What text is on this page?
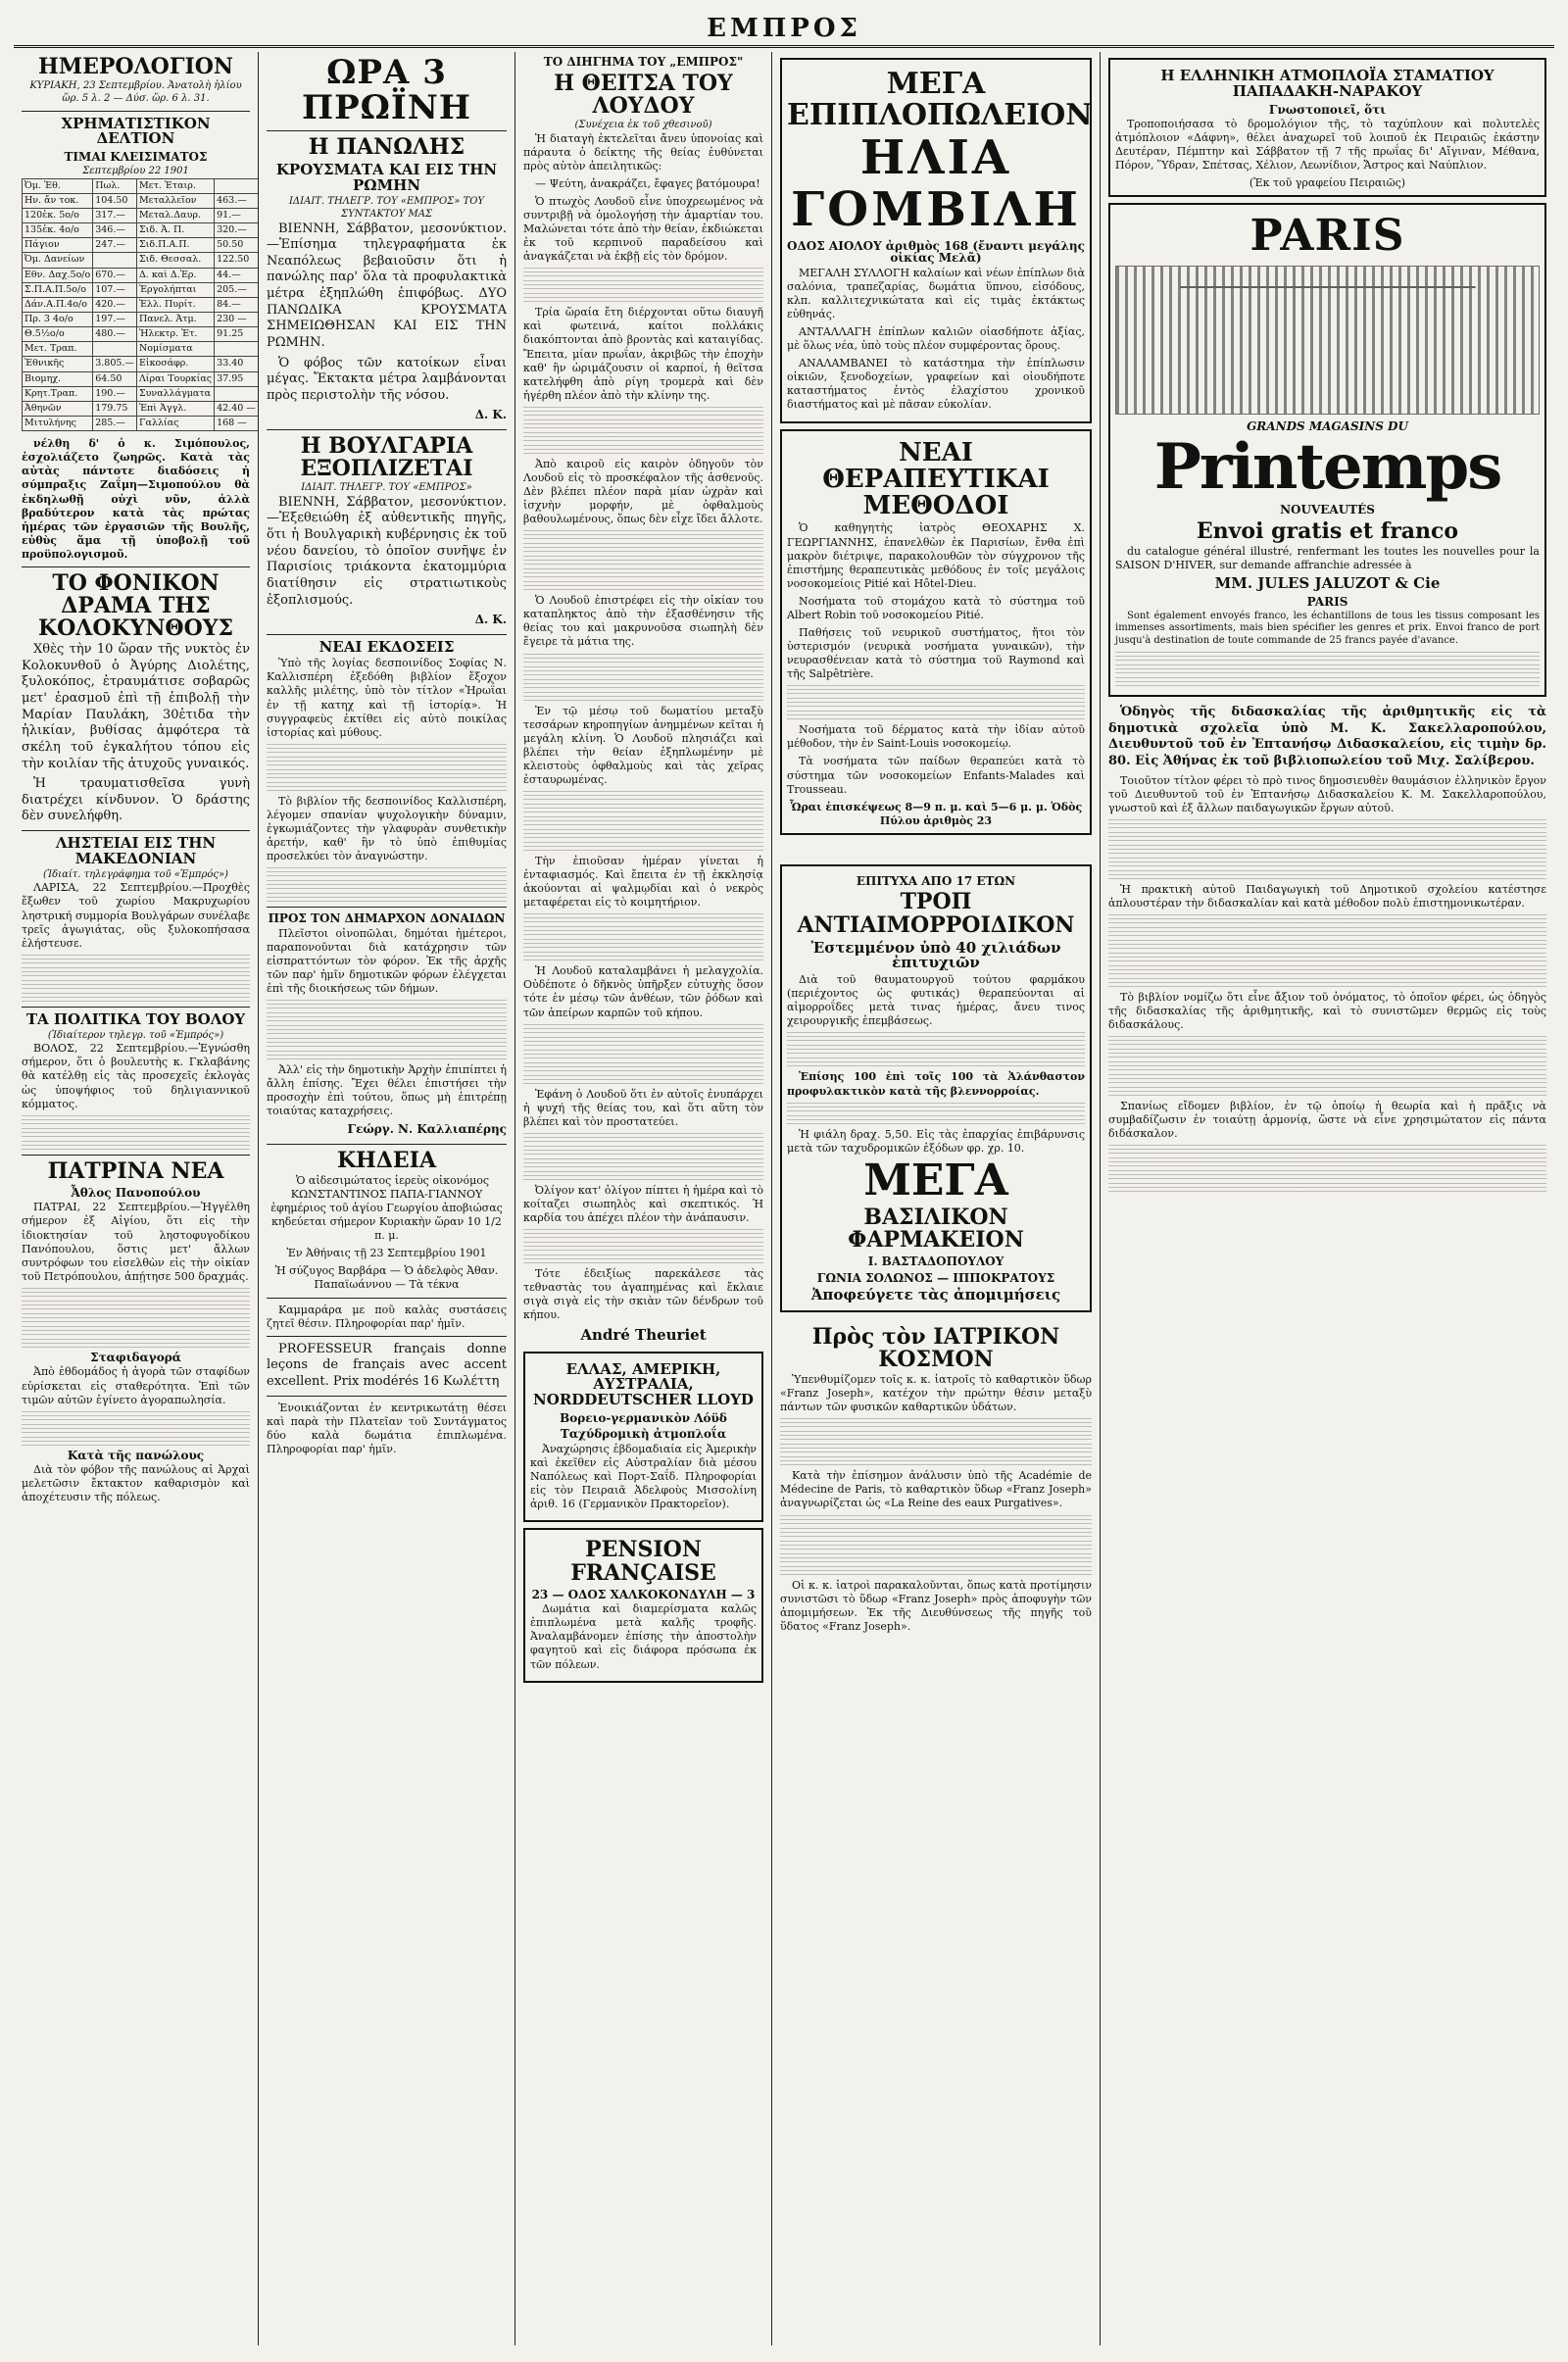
ΕΜΠΡΟΣ
ΗΜΕΡΟΛΟΓΙΟΝ
ΚΥΡΙΑΚΗ, 23 Σεπτεμβρίου. Ἀνατολὴ ἡλίου ὥρ. 5 λ. 2 — Δύσ. ὥρ. 6 λ. 31.
ΧΡΗΜΑΤΙΣΤΙΚΟΝ ΔΕΛΤΙΟΝ
ΤΙΜΑΙ ΚΛΕΙΣΙΜΑΤΟΣ
Σεπτεμβρίου 22 1901
Ὀμ. Ἐθ.	Πωλ.	Μετ. Ἑταιρ.	
Ην. ἄν τοκ.	104.50	Μεταλλεῖον	463.—
120ἐκ. 5ο/ο	317.—	Μεταλ.Δαυρ.	91.—
135ἐκ. 4ο/ο	346.—	Σιδ. Ἀ. Π.	320.—
Πάγιον	247.—	Σιδ.Π.Α.Π.	50.50
Ὀμ. Δανείων		Σιδ. Θεσσαλ.	122.50
Εθν. Δαχ.5ο/ο	670.—	Δ. καὶ Δ.Ἐρ.	44.—
Σ.Π.Α.Π.5ο/ο	107.—	Ἐργολήπται	205.—
Δάν.Α.Π.4ο/ο	420.—	Ἑλλ. Πυρίτ.	84.—
Πρ. 3 4ο/ο	197.—	Πανελ. Ἀτμ.	230 —
Θ.5½ο/ο	480.—	Ἠλεκτρ. Ἑτ.	91.25
Μετ. Τραπ.		Νομίσματα	
Ἐθνικῆς	3.805.—	Εἰκοσάφρ.	33.40
Βιομηχ.	64.50	Λίραι Τουρκίας	37.95
Κρητ.Τραπ.	190.—	Συναλλάγματα	
Ἀθηνῶν	179.75	Ἐπὶ Ἀγγλ.	42.40 —
Μιτυλήνης	285.—	Γαλλίας	168 —

νέλθη δ' ὁ κ. Σιμόπουλος, ἐσχολιάζετο ζωηρῶς. Κατὰ τὰς αὐτὰς πάντοτε διαδόσεις ἡ σύμπραξις Ζαΐμη—Σιμοπούλου θὰ ἐκδηλωθῇ οὐχὶ νῦν, ἀλλὰ βραδύτερον κατὰ τὰς πρώτας ἡμέρας τῶν ἐργασιῶν τῆς Βουλῆς, εὐθὺς ἅμα τῇ ὑποβολῇ τοῦ προϋπολογισμοῦ.

ΤΟ ΦΟΝΙΚΟΝ ΔΡΑΜΑ ΤΗΣ ΚΟΛΟΚΥΝΘΟΥΣ

Χθὲς τὴν 10 ὥραν τῆς νυκτὸς ἐν Κολοκυνθοῦ ὁ Ἀγύρης Διολέτης, ξυλοκόπος, ἐτραυμάτισε σοβαρῶς μετ' ἐρασμοῦ ἐπὶ τῇ ἐπιβολῇ τὴν Μαρίαν Παυλάκη, 30ἐτιδα τὴν ἡλικίαν, βυθίσας ἀμφότερα τὰ σκέλη τοῦ ἐγκαλήτου τόπου εἰς τὴν κοιλίαν τῆς ἀτυχοῦς γυναικός.

Ἡ τραυματισθεῖσα γυνὴ διατρέχει κίνδυνον. Ὁ δράστης δὲν συνελήφθη.

ΛΗΣΤΕΙΑΙ ΕΙΣ ΤΗΝ ΜΑΚΕΔΟΝΙΑΝ
(Ἰδιαίτ. τηλεγράφημα τοῦ «Ἐμπρός»)

ΛΑΡΙΣΑ, 22 Σεπτεμβρίου.—Προχθὲς ἔξωθεν τοῦ χωρίου Μακρυχωρίου ληστρική συμμορία Βουλγάρων συνέλαβε τρεῖς ἀγωγιάτας, οὓς ξυλοκοπήσασα ἐλήστευσε.

ΤΑ ΠΟΛΙΤΙΚΑ ΤΟΥ ΒΟΛΟΥ
(Ἰδιαίτερον τηλεγρ. τοῦ «Ἐμπρός»)

ΒΟΛΟΣ, 22 Σεπτεμβρίου.—Ἐγνώσθη σήμερον, ὅτι ὁ βουλευτὴς κ. Γκλαβάνης θὰ κατέλθῃ εἰς τὰς προσεχεῖς ἐκλογὰς ὡς ὑποψήφιος τοῦ δηλιγιαννικοῦ κόμματος.

ΠΑΤΡΙΝΑ ΝΕΑ
Ἆθλος Πανοπούλου

ΠΑΤΡΑΙ, 22 Σεπτεμβρίου.—Ἠγγέλθη σήμερον ἐξ Αἰγίου, ὅτι εἰς τὴν ἰδιοκτησίαν τοῦ ληστοφυγοδίκου Πανόπουλου, ὅστις μετ' ἄλλων συντρόφων του εἰσελθὼν εἰς τὴν οἰκίαν τοῦ Πετρόπουλου, ἀπῄτησε 500 δραχμάς.

Σταφιδαγορά

Ἀπὸ ἐθδομάδος ἡ ἀγορὰ τῶν σταφίδων εὑρίσκεται εἰς σταθερότητα. Ἐπὶ τῶν τιμῶν αὐτῶν ἐγίνετο ἀγοραπωλησία.

Κατὰ τῆς πανώλους

Διὰ τὸν φόβον τῆς πανώλους αἱ Ἀρχαὶ μελετῶσιν ἔκτακτον καθαρισμὸν καὶ ἀποχέτευσιν τῆς πόλεως.

ΩΡΑ 3 ΠΡΩΪΝΗ
Η ΠΑΝΩΛΗΣ
ΚΡΟΥΣΜΑΤΑ ΚΑΙ ΕΙΣ ΤΗΝ ΡΩΜΗΝ
ΙΔΙΑΙΤ. ΤΗΛΕΓΡ. ΤΟΥ «ΕΜΠΡΟΣ» ΤΟΥ ΣΥΝΤΑΚΤΟΥ ΜΑΣ

ΒΙΕΝΝΗ, Σάββατον, μεσονύκτιον.—Ἐπίσημα τηλεγραφήματα ἐκ Νεαπόλεως βεβαιοῦσιν ὅτι ἡ πανώλης παρ' ὅλα τὰ προφυλακτικὰ μέτρα ἐξηπλώθη ἐπιφόβως. ΔΥΟ ΠΑΝΩΔΙΚΑ ΚΡΟΥΣΜΑΤΑ ΣΗΜΕΙΩΘΗΣΑΝ ΚΑΙ ΕΙΣ ΤΗΝ ΡΩΜΗΝ.

Ὁ φόβος τῶν κατοίκων εἶναι μέγας. Ἔκτακτα μέτρα λαμβάνονται πρὸς περιστολὴν τῆς νόσου.

Δ. Κ.
Η ΒΟΥΛΓΑΡΙΑ ΕΞΟΠΛΙΖΕΤΑΙ
ΙΔΙΑΙΤ. ΤΗΛΕΓΡ. ΤΟΥ «ΕΜΠΡΟΣ»

ΒΙΕΝΝΗ, Σάββατον, μεσονύκτιον.—Ἐξεθειώθη ἐξ αὐθεντικῆς πηγῆς, ὅτι ἡ Βουλγαρικὴ κυβέρνησις ἐκ τοῦ νέου δανείου, τὸ ὁποῖον συνῆψε ἐν Παρισίοις τριάκοντα ἑκατομμύρια διατίθησιν εἰς στρατιωτικοὺς ἐξοπλισμούς.

Δ. Κ.
ΝΕΑΙ ΕΚΔΟΣΕΙΣ

Ὑπὸ τῆς λογίας δεσποινίδος Σοφίας Ν. Καλλισπέρη ἐξεδόθη βιβλίον ἔξοχον καλλῆς μιλέτης, ὑπὸ τὸν τίτλον «Ἡρωΐαι ἐν τῇ κατηχ καὶ τῇ ἱστορίᾳ». Ἡ συγγραφεὺς ἐκτίθει εἰς αὐτὸ ποικίλας ἱστορίας καὶ μύθους.

Τὸ βιβλίον τῆς δεσποινίδος Καλλισπέρη, λέγομεν σπανίαν ψυχολογικὴν δύναμιν, ἐγκωμιάζοντες τὴν γλαφυρὰν συνθετικὴν ἀρετήν, καθ' ἣν τὸ ὑπὸ ἐπιθυμίας προσελκύει τὸν ἀναγνώστην.

ΠΡΟΣ ΤΟΝ ΔΗΜΑΡΧΟΝ ΔΟΝΑΙΔΩΝ

Πλεῖστοι οἰνοπῶλαι, δημόται ἡμέτεροι, παραπονοῦνται διὰ κατάχρησιν τῶν εἰσπραττόντων τὸν φόρον. Ἐκ τῆς ἀρχῆς τῶν παρ' ἡμῖν δημοτικῶν φόρων ἐλέγχεται ἐπὶ τῆς διοικήσεως τῶν δήμων.

Ἀλλ' εἰς τὴν δημοτικὴν Ἀρχὴν ἐπιπίπτει ἡ ἄλλη ἐπίσης. Ἔχει θέλει ἐπιστήσει τὴν προσοχὴν ἐπὶ τούτου, ὅπως μὴ ἐπιτρέπῃ τοιαύτας καταχρήσεις.

Γεώργ. Ν. Καλλιαπέρης
ΚΗΔΕΙΑ

Ὁ αἰδεσιμώτατος ἱερεὺς οἰκονόμος ΚΩΝΣΤΑΝΤΙΝΟΣ ΠΑΠΑ-ΓΙΑΝΝΟΥ ἐφημέριος τοῦ ἁγίου Γεωργίου ἀποβιώσας κηδεύεται σήμερον Κυριακὴν ὥραν 10 1/2 π. μ.

Ἐν Ἀθήναις τῇ 23 Σεπτεμβρίου 1901
Ἡ σύζυγος Βαρβάρα — Ὁ ἀδελφὸς Ἀθαν. Παπαϊωάννου — Τὰ τέκνα

Καμμαράρα με ποῦ καλὰς συστάσεις ζητεῖ θέσιν. Πληροφορίαι παρ' ἡμῖν.

PROFESSEUR français donne leçons de français avec accent excellent. Prix modérés 16 Κωλέττη

Ἐνοικιάζονται ἐν κεντρικωτάτῃ θέσει καὶ παρὰ τὴν Πλατεῖαν τοῦ Συντάγματος δύο καλὰ δωμάτια ἐπιπλωμένα. Πληροφορίαι παρ' ἡμῖν.

ΤΟ ΔΙΗΓΗΜΑ ΤΟΥ „ΕΜΠΡΟΣ"
Η ΘΕΙΤΣΑ ΤΟΥ ΛΟΥΔΟΥ
(Συνέχεια ἐκ τοῦ χθεσινοῦ)

Ἡ διαταγὴ ἐκτελεῖται ἄνευ ὑπονοίας καὶ πάραυτα ὁ δείκτης τῆς θείας ἐυθύνεται πρὸς αὐτὸν ἀπειλητικῶς:

— Ψεύτη, ἀνακράζει, ἔφαγες βατόμουρα!

Ὁ πτωχὸς Λουδοῦ εἶνε ὑποχρεωμένος νὰ συντριβῇ νὰ ὁμολογήσῃ τὴν ἁμαρτίαν του. Μαλώνεται τότε ἀπὸ τὴν θείαν, ἐκδιώκεται ἐκ τοῦ κερπινοῦ παραδείσου καὶ ἀναγκάζεται νὰ ἐκβῇ εἰς τὸν δρόμον.

Τρία ὥραία ἔτη διέρχονται οὕτω διαυγῆ καὶ φωτεινά, καίτοι πολλάκις διακόπτονται ἀπὸ βροντὰς καὶ καταιγίδας. Ἔπειτα, μίαν πρωΐαν, ἀκριβῶς τὴν ἐποχὴν καθ' ἣν ὡριμάζουσιν οἱ καρποί, ἡ θεῖτσα κατελήφθη ἀπὸ ρίγη τρομερὰ καὶ δὲν ἠγέρθη πλέον ἀπὸ τὴν κλίνην της.

Ἀπὸ καιροῦ εἰς καιρὸν ὁδηγοῦν τὸν Λουδοῦ εἰς τὸ προσκέφαλον τῆς ἀσθενοῦς. Δὲν βλέπει πλέον παρὰ μίαν ὡχρὰν καὶ ἰσχνὴν μορφήν, μὲ ὀφθαλμοὺς βαθουλωμένους, ὅπως δὲν εἶχε ἴδει ἄλλοτε.

Ὁ Λουδοῦ ἐπιστρέφει εἰς τὴν οἰκίαν του καταπληκτος ἀπὸ τὴν ἐξασθένησιν τῆς θείας του καὶ μακρυνοῦσα σιωπηλὴ δὲν ἔγειρε τὰ μάτια της.

Ἐν τῷ μέσῳ τοῦ δωματίου μεταξὺ τεσσάρων κηροπηγίων ἀνημμένων κεῖται ἡ μεγάλη κλίνη. Ὁ Λουδοῦ πλησιάζει καὶ βλέπει τὴν θείαν ἐξηπλωμένην μὲ κλειστοὺς ὀφθαλμοὺς καὶ τὰς χεῖρας ἐσταυρωμένας.

Τὴν ἐπιοῦσαν ἡμέραν γίνεται ἡ ἐνταφιασμός. Καὶ ἔπειτα ἐν τῇ ἐκκλησίᾳ ἀκούονται αἱ ψαλμῳδίαι καὶ ὁ νεκρὸς μεταφέρεται εἰς τὸ κοιμητήριον.

Ἡ Λουδοῦ καταλαμβάνει ἡ μελαγχολία. Οὐδέποτε ὁ δῆκνὸς ὑπῆρξεν εὐτυχὴς ὅσον τότε ἐν μέσῳ τῶν ἀνθέων, τῶν ῥόδων καὶ τῶν ἀπείρων καρπῶν τοῦ κήπου.

Ἐφάνη ὁ Λουδοῦ ὅτι ἐν αὐτοῖς ἐνυπάρχει ἡ ψυχή τῆς θείας του, καὶ ὅτι αὕτη τὸν βλέπει καὶ τὸν προστατεύει.

Ὀλίγον κατ' ὀλίγον πίπτει ἡ ἡμέρα καὶ τὸ κοίταζει σιωπηλὸς καὶ σκεπτικός. Ἡ καρδία του ἀπέχει πλέον τὴν ἀνάπαυσιν.

Τότε ἐδειξίως παρεκάλεσε τὰς τεθναστὰς του ἀγαπημένας καὶ ἔκλαιε σιγὰ σιγὰ εἰς τὴν σκιὰν τῶν δένδρων τοῦ κήπου.

André Theuriet
ΕΛΛΑΣ, ΑΜΕΡΙΚΗ, ΑΥΣΤΡΑΛΙΑ, NORDDEUTSCHER LLOYD
Βορειο-γερμανικὸν Λόϋδ
Ταχύδρομικὴ ἀτμοπλοΐα

Ἀναχώρησις ἑβδομαδιαία εἰς Ἀμερικὴν καὶ ἐκεῖθεν εἰς Αὐστραλίαν διὰ μέσου Ναπόλεως καὶ Πορτ-Σαΐδ. Πληροφορίαι εἰς τὸν Πειραιᾶ Ἀδελφοὺς Μισσολίνη ἀριθ. 16 (Γερμανικὸν Πρακτορεῖον).

PENSION FRANÇAISE
23 — ΟΔΟΣ ΧΑΛΚΟΚΟΝΔΥΛΗ — 3

Δωμάτια καὶ διαμερίσματα καλῶς ἐπιπλωμένα μετὰ καλῆς τροφῆς. Ἀναλαμβάνομεν ἐπίσης τὴν ἀποστολὴν φαγητοῦ καὶ εἰς διάφορα πρόσωπα ἐκ τῶν πόλεων.

ΜΕΓΑ ΕΠΙΠΛΟΠΩΛΕΙΟΝ
ΗΛΙΑ ΓΟΜΒΙΛΗ
ΟΔΟΣ ΑΙΟΛΟΥ ἀριθμὸς 168 (ἔναντι μεγάλης οἰκίας Μελᾶ)

ΜΕΓΑΛΗ ΣΥΛΛΟΓΗ καλαίων καὶ νέων ἐπίπλων διὰ σαλόνια, τραπεζαρίας, δωμάτια ὕπνου, εἰσόδους, κλπ. καλλιτεχνικώτατα καὶ εἰς τιμὰς ἐκτάκτως εὐθηνάς.

ΑΝΤΑΛΛΑΓΗ ἐπίπλων καλιῶν οἰασδήποτε ἀξίας, μὲ ὅλως νέα, ὑπὸ τοὺς πλέον συμφέροντας ὅρους.

ΑΝΑΛΑΜΒΑΝΕΙ τὸ κατάστημα τὴν ἐπίπλωσιν οἰκιῶν, ξενοδοχείων, γραφείων καὶ οἱουδήποτε καταστήματος ἐντὸς ἐλαχίστου χρονικοῦ διαστήματος καὶ μὲ πᾶσαν εὐκολίαν.

ΝΕΑΙ ΘΕΡΑΠΕΥΤΙΚΑΙ ΜΕΘΟΔΟΙ

Ὁ καθηγητὴς ἰατρὸς ΘΕΟΧΑΡΗΣ Χ. ΓΕΩΡΓΙΑΝΝΗΣ, ἐπανελθὼν ἐκ Παρισίων, ἔνθα ἐπὶ μακρὸν διέτριψε, παρακολουθῶν τὸν σύγχρονον τῆς ἐπιστήμης θεραπευτικὰς μεθόδους ἐν τοῖς μεγάλοις νοσοκομείοις Pitié καὶ Hôtel-Dieu.

Νοσήματα τοῦ στομάχου κατὰ τὸ σύστημα τοῦ Albert Robin τοῦ νοσοκομείου Pitié.

Παθήσεις τοῦ νευρικοῦ συστήματος, ἤτοι τὸν ὑστερισμόν (νευρικὰ νοσήματα γυναικῶν), τὴν νευρασθένειαν κατὰ τὸ σύστημα τοῦ Raymond καὶ τῆς Salpêtrière.

Νοσήματα τοῦ δέρματος κατὰ τὴν ἰδίαν αὐτοῦ μέθοδον, τὴν ἐν Saint-Louis νοσοκομείῳ.

Τὰ νοσήματα τῶν παίδων θεραπεύει κατὰ τὸ σύστημα τῶν νοσοκομείων Enfants-Malades καὶ Trousseau.

Ὧραι ἐπισκέψεως 8—9 π. μ. καὶ 5—6 μ. μ. Ὁδὸς Πύλου ἀριθμὸς 23
ΕΠΙΤΥΧΑ ΑΠΟ 17 ΕΤΩΝ
ΤΡΟΠ ΑΝΤΙΑΙΜΟΡΡΟΙΔΙΚΟΝ
Ἐστεμμένον ὑπὸ 40 χιλιάδων ἐπιτυχιῶν

Διὰ τοῦ θαυματουργοῦ τούτου φαρμάκου (περιέχοντος ὡς φυτικάς) θεραπεύονται αἱ αἱμορροΐδες μετὰ τινας ἡμέρας, ἄνευ τινος χειρουργικῆς ἐπεμβάσεως.

Ἐπίσης 100 ἐπὶ τοῖς 100 τὰ Ἀλάνθαστον προφυλακτικὸν κατὰ τῆς βλεννορροίας.

Ἡ φιάλη δραχ. 5,50. Εἰς τὰς ἐπαρχίας ἐπιβάρυνσις μετὰ τῶν ταχυδρομικῶν ἐξόδων φρ. χρ. 10.

ΜΕΓΑ
ΒΑΣΙΛΙΚΟΝ ΦΑΡΜΑΚΕΙΟΝ
Ι. ΒΑΣΤΑΔΟΠΟΥΛΟΥ
ΓΩΝΙΑ ΣΟΛΩΝΟΣ — ΙΠΠΟΚΡΑΤΟΥΣ
Ἀποφεύγετε τὰς ἀπομιμήσεις
Πρὸς τὸν ΙΑΤΡΙΚΟΝ ΚΟΣΜΟΝ

Ὑπενθυμίζομεν τοῖς κ. κ. ἰατροῖς τὸ καθαρτικὸν ὕδωρ «Franz Joseph», κατέχον τὴν πρώτην θέσιν μεταξὺ πάντων τῶν φυσικῶν καθαρτικῶν ὑδάτων.

Κατὰ τὴν ἐπίσημον ἀνάλυσιν ὑπὸ τῆς Académie de Médecine de Paris, τὸ καθαρτικὸν ὕδωρ «Franz Joseph» ἀναγνωρίζεται ὡς «La Reine des eaux Purgatives».

Οἱ κ. κ. ἰατροὶ παρακαλοῦνται, ὅπως κατὰ προτίμησιν συνιστῶσι τὸ ὕδωρ «Franz Joseph» πρὸς ἀποφυγὴν τῶν ἀπομιμήσεων. Ἐκ τῆς Διευθύνσεως τῆς πηγῆς τοῦ ὕδατος «Franz Joseph».

Η ΕΛΛΗΝΙΚΗ ΑΤΜΟΠΛΟΪΑ ΣΤΑΜΑΤΙΟΥ ΠΑΠΑΔΑΚΗ-ΝΑΡΑΚΟΥ
Γνωστοποιεῖ, ὅτι

Τροποποιήσασα τὸ δρομολόγιον τῆς, τὸ ταχύπλουν καὶ πολυτελὲς ἀτμόπλοιον «Δάφνη», θέλει ἀναχωρεῖ τοῦ λοιποῦ ἐκ Πειραιῶς ἑκάστην Δευτέραν, Πέμπτην καὶ Σάββατον τῇ 7 τῆς πρωΐας δι' Αἴγιναν, Μέθανα, Πόρον, Ὕδραν, Σπέτσας, Χέλιον, Λεωνίδιον, Ἄστρος καὶ Ναύπλιον.

(Ἐκ τοῦ γραφείου Πειραιῶς)
PARIS
GRANDS MAGASINS DU
Printemps
NOUVEAUTÉS
Envoi gratis et franco

du catalogue général illustré, renfermant les toutes les nouvelles pour la SAISON D'HIVER, sur demande affranchie adressée à

MM. JULES JALUZOT & Cie
PARIS

Sont également envoyés franco, les échantillons de tous les tissus composant les immenses assortiments, mais bien spécifier les genres et prix. Envoi franco de port jusqu'à destination de toute commande de 25 francs payée d'avance.

Ὁδηγὸς τῆς διδασκαλίας τῆς ἀριθμητικῆς εἰς τὰ δημοτικὰ σχολεῖα ὑπὸ Μ. Κ. Σακελλαροπούλου, Διευθυντοῦ τοῦ ἐν Ἐπτανήσῳ Διδασκαλείου, εἰς τιμὴν δρ. 80. Εἰς Ἀθήνας ἐκ τοῦ βιβλιοπωλείου τοῦ Μιχ. Σαλίβερου.

Τοιοῦτον τίτλον φέρει τὸ πρὸ τινος δημοσιευθὲν θαυμάσιον ἐλληνικὸν ἔργον τοῦ Διευθυντοῦ τοῦ ἐν Ἐπτανήσῳ Διδασκαλείου Κ. Μ. Σακελλαροπούλου, γνωστοῦ καὶ ἐξ ἄλλων παιδαγωγικῶν ἔργων αὐτοῦ.

Ἡ πρακτικὴ αὐτοῦ Παιδαγωγικὴ τοῦ Δημοτικοῦ σχολείου κατέστησε ἁπλουστέραν τὴν διδασκαλίαν καὶ κατὰ μέθοδον πολὺ ἐπιστημονικωτέραν.

Τὸ βιβλίον νομίζω ὅτι εἶνε ἄξιον τοῦ ὀνόματος, τὸ ὁποῖον φέρει, ὡς ὁδηγὸς τῆς διδασκαλίας τῆς ἀριθμητικῆς, καὶ τὸ συνιστῶμεν θερμῶς εἰς τοὺς διδασκάλους.

Σπανίως εἴδομεν βιβλίον, ἐν τῷ ὁποίῳ ἡ θεωρία καὶ ἡ πρᾶξις νὰ συμβαδίζωσιν ἐν τοιαύτῃ ἁρμονίᾳ, ὥστε νὰ εἶνε χρησιμώτατον εἰς πάντα διδάσκαλον.
